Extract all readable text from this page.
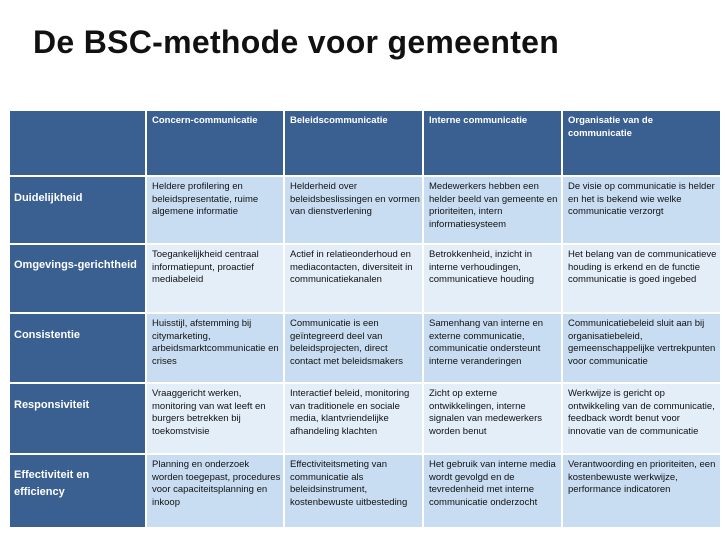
De BSC-methode voor gemeenten
	Concern-communicatie	Beleidscommunicatie	Interne communicatie	Organisatie van de communicatie
Duidelijkheid	Heldere profilering en beleidspresentatie, ruime algemene informatie	Helderheid over beleidsbeslissingen en vormen van dienstverlening	Medewerkers hebben een helder beeld van gemeente en prioriteiten, intern informatiesysteem	De visie op communicatie is helder en het is bekend wie welke communicatie verzorgt
Omgevings-gerichtheid	Toegankelijkheid centraal informatiepunt, proactief mediabeleid	Actief in relatieonderhoud en mediacontacten, diversiteit in communicatiekanalen	Betrokkenheid, inzicht in interne verhoudingen, communicatieve houding	Het belang van de communicatieve houding is erkend en de functie communicatie is goed ingebed
Consistentie	Huisstijl, afstemming bij citymarketing, arbeidsmarktcommunicatie en crises	Communicatie is een geïntegreerd deel van beleidsprojecten, direct contact met beleidsmakers	Samenhang van interne en externe communicatie, communicatie ondersteunt interne veranderingen	Communicatiebeleid sluit aan bij organisatiebeleid, gemeenschappelijke vertrekpunten voor communicatie
Responsiviteit	Vraaggericht werken, monitoring van wat leeft en burgers betrekken bij toekomstvisie	Interactief beleid, monitoring van traditionele en sociale media, klantvriendelijke afhandeling klachten	Zicht op externe ontwikkelingen, interne signalen van medewerkers worden benut	Werkwijze is gericht op ontwikkeling van de communicatie, feedback wordt benut voor innovatie van de communicatie
Effectiviteit en efficiency	Planning en onderzoek worden toegepast, procedures voor capaciteitsplanning en inkoop	Effectiviteitsmeting van communicatie als beleidsinstrument, kostenbewuste uitbesteding	Het gebruik van interne media wordt gevolgd en de tevredenheid met interne communicatie onderzocht	Verantwoording en prioriteiten, een kostenbewuste werkwijze, performance indicatoren
